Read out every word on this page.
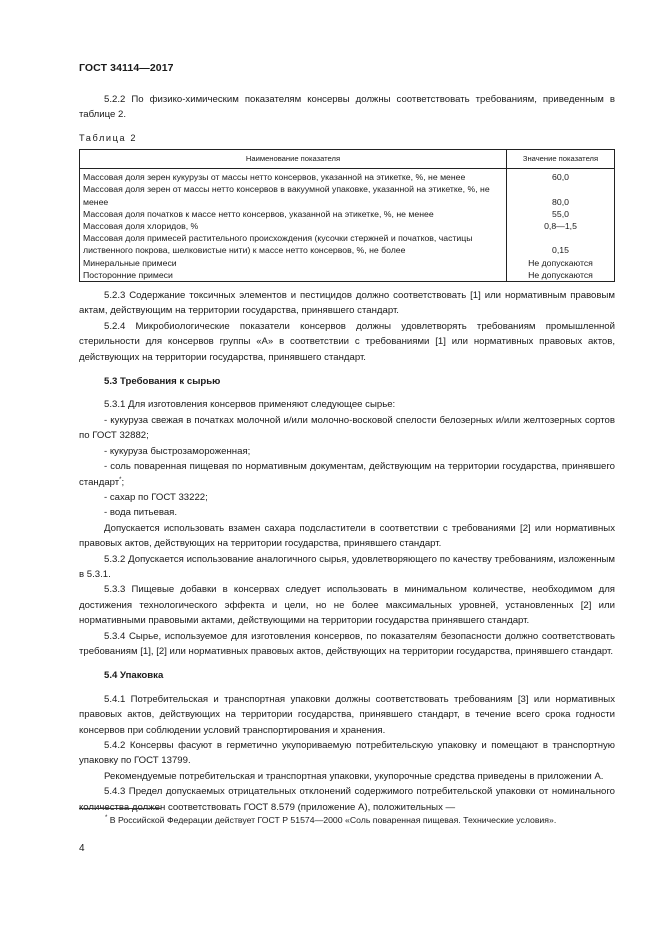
ГОСТ 34114—2017
5.2.2 По физико-химическим показателям консервы должны соответствовать требованиям, приведенным в таблице 2.
Таблица 2
Наименование показателя	Значение показателя
Массовая доля зерен кукурузы от массы нетто консервов, указанной на этикетке, %, не менее	60,0
Массовая доля зерен от массы нетто консервов в вакуумной упаковке, указанной на этикетке, %, не менее	80,0
Массовая доля початков к массе нетто консервов, указанной на этикетке, %, не менее	55,0
Массовая доля хлоридов, %	0,8—1,5
Массовая доля примесей растительного происхождения (кусочки стержней и початков, частицы лиственного покрова, шелковистые нити) к массе нетто консервов, %, не более	0,15
Минеральные примеси	Не допускаются
Посторонние примеси	Не допускаются
5.2.3 Содержание токсичных элементов и пестицидов должно соответствовать [1] или нормативным правовым актам, действующим на территории государства, принявшего стандарт.
5.2.4 Микробиологические показатели консервов должны удовлетворять требованиям промышленной стерильности для консервов группы «А» в соответствии с требованиями [1] или нормативных правовых актов, действующих на территории государства, принявшего стандарт.
5.3 Требования к сырью
5.3.1 Для изготовления консервов применяют следующее сырье:
- кукуруза свежая в початках молочной и/или молочно-восковой спелости белозерных и/или желтозерных сортов по ГОСТ 32882;
- кукуруза быстрозамороженная;
- соль поваренная пищевая по нормативным документам, действующим на территории государства, принявшего стандарт*;
- сахар по ГОСТ 33222;
- вода питьевая.
Допускается использовать взамен сахара подсластители в соответствии с требованиями [2] или нормативных правовых актов, действующих на территории государства, принявшего стандарт.
5.3.2 Допускается использование аналогичного сырья, удовлетворяющего по качеству требованиям, изложенным в 5.3.1.
5.3.3 Пищевые добавки в консервах следует использовать в минимальном количестве, необходимом для достижения технологического эффекта и цели, но не более максимальных уровней, установленных [2] или нормативными правовыми актами, действующими на территории государства принявшего стандарт.
5.3.4 Сырье, используемое для изготовления консервов, по показателям безопасности должно соответствовать требованиям [1], [2] или нормативных правовых актов, действующих на территории государства, принявшего стандарт.
5.4 Упаковка
5.4.1 Потребительская и транспортная упаковки должны соответствовать требованиям [3] или нормативных правовых актов, действующих на территории государства, принявшего стандарт, в течение всего срока годности консервов при соблюдении условий транспортирования и хранения.
5.4.2 Консервы фасуют в герметично укупориваемую потребительскую упаковку и помещают в транспортную упаковку по ГОСТ 13799.
Рекомендуемые потребительская и транспортная упаковки, укупорочные средства приведены в приложении А.
5.4.3 Предел допускаемых отрицательных отклонений содержимого потребительской упаковки от номинального количества должен соответствовать ГОСТ 8.579 (приложение А), положительных —
* В Российской Федерации действует ГОСТ Р 51574—2000 «Соль поваренная пищевая. Технические условия».
4
